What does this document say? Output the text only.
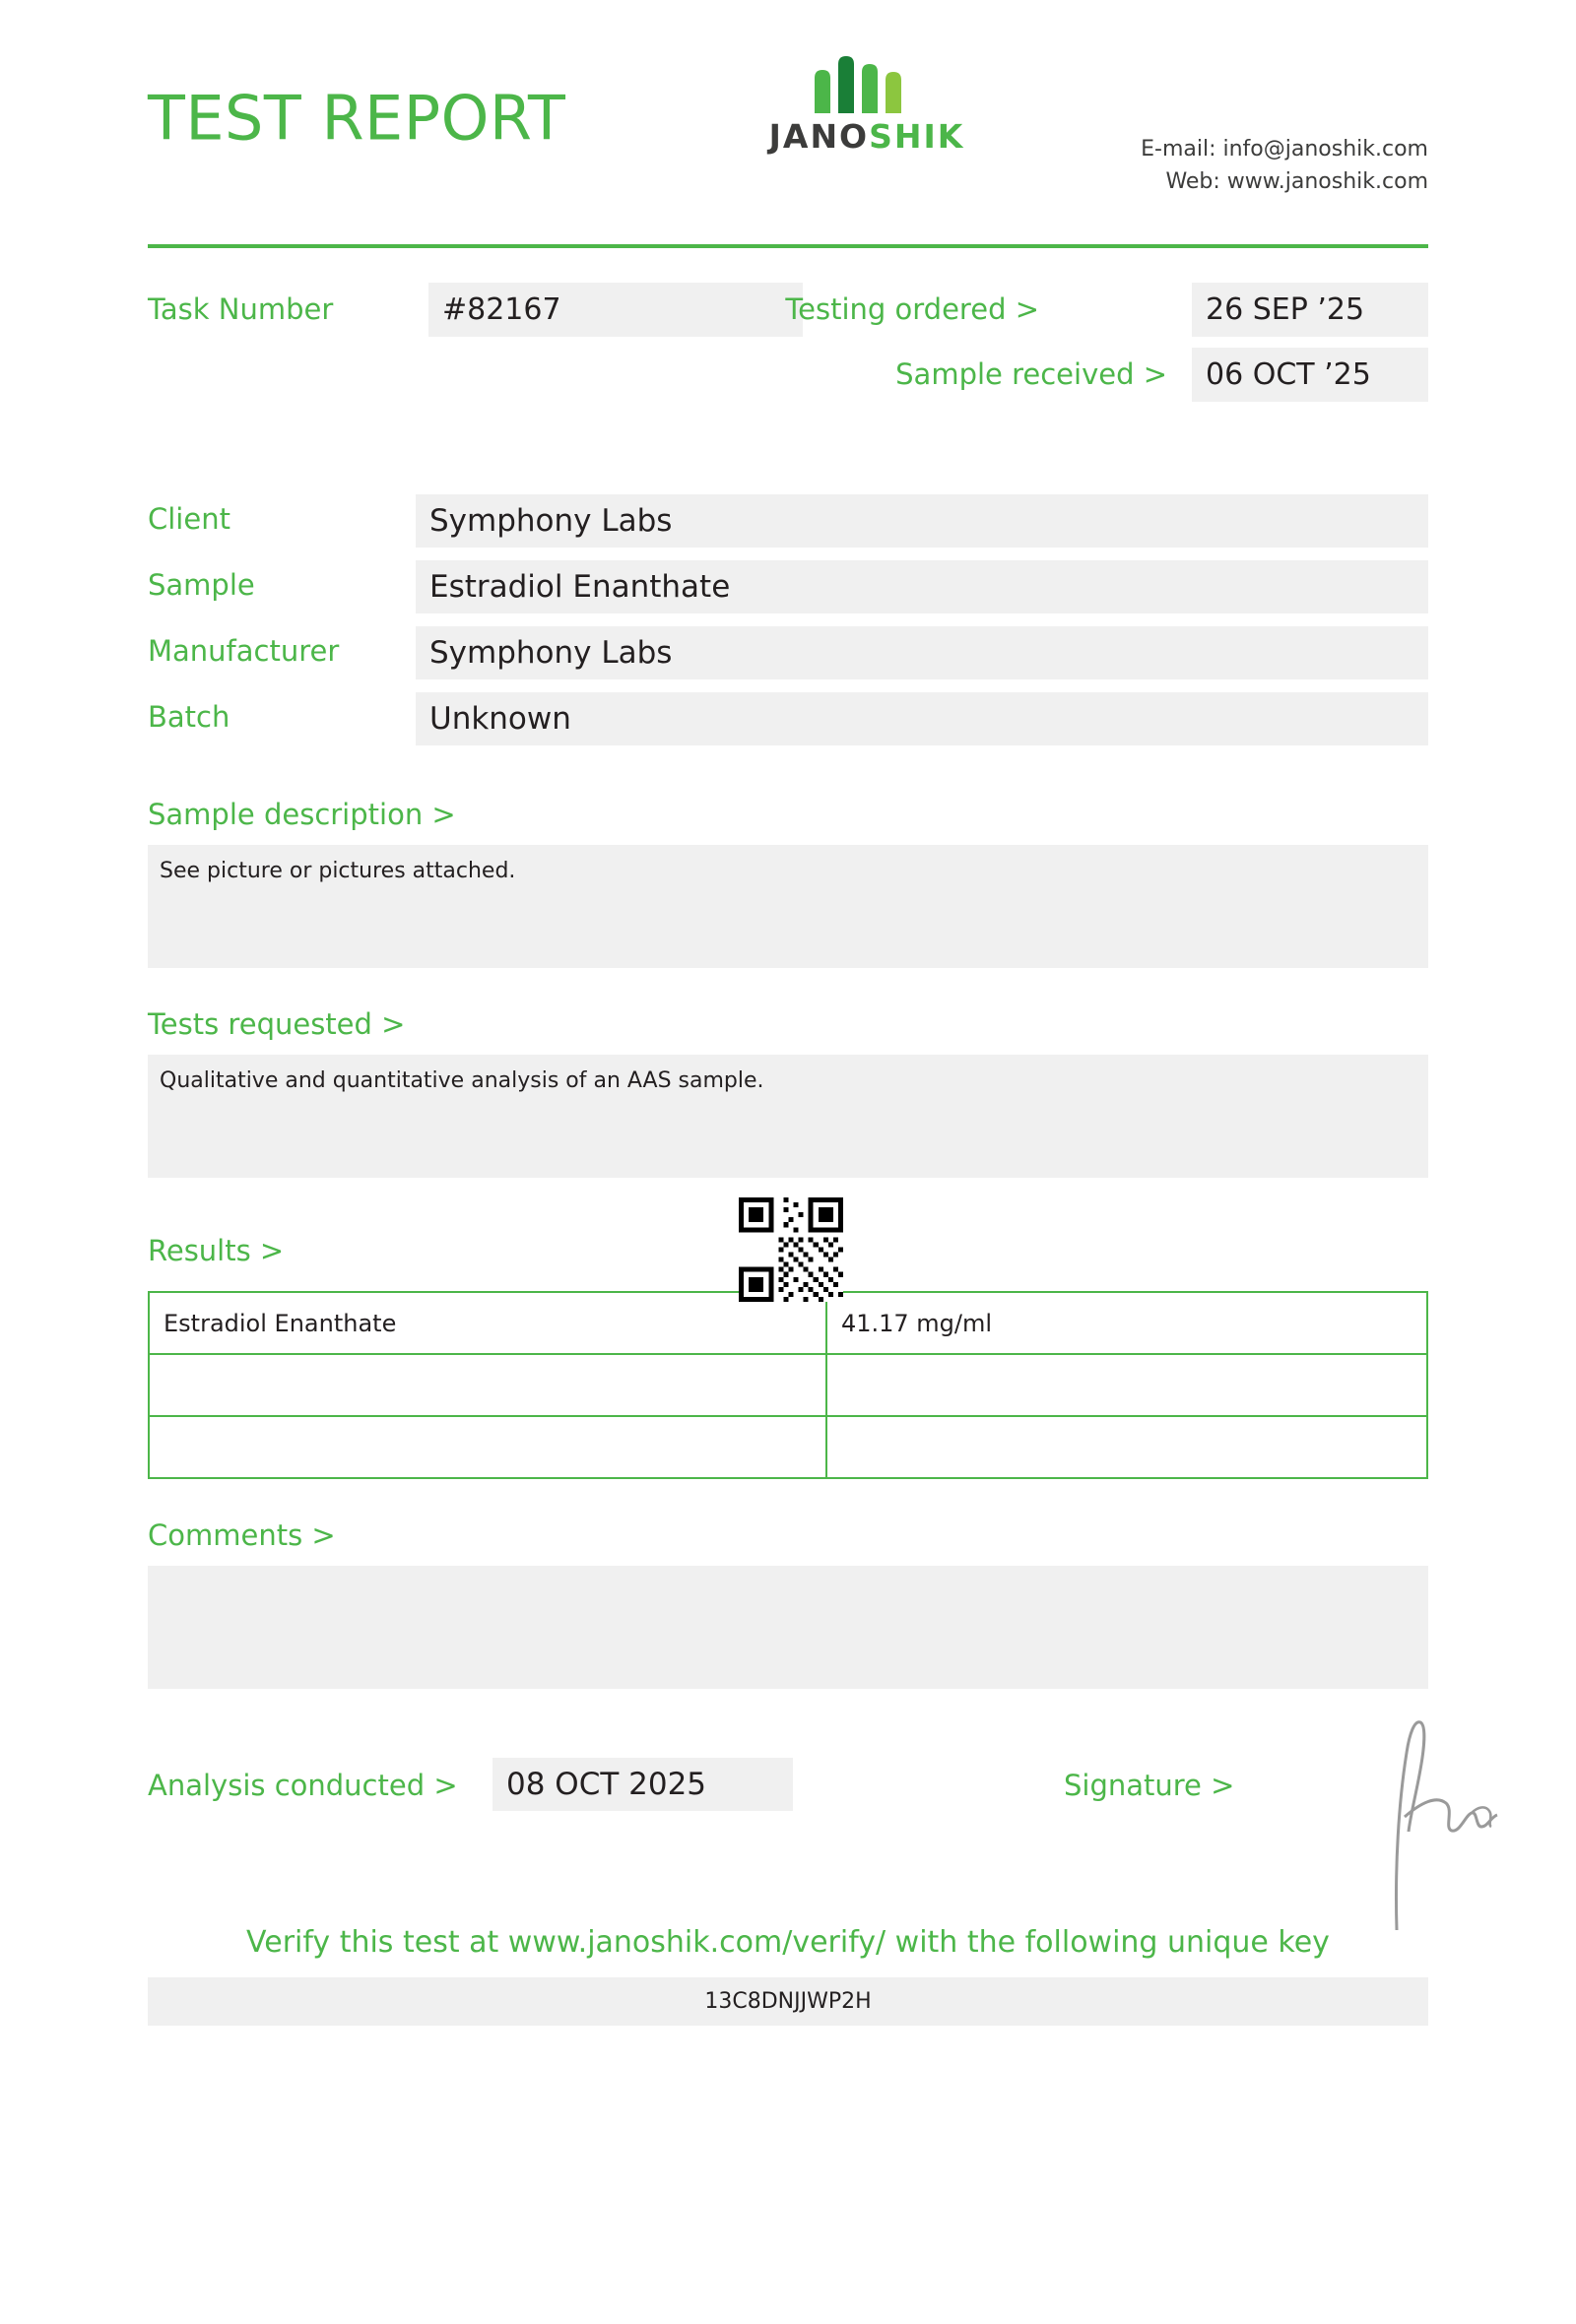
TEST REPORT	JANOSHIK	E-mail: info@janoshik.com
Web: www.janoshik.com
Task Number	#82167	Testing ordered >	26 SEP ’25
Sample received >	06 OCT ’25
Client	Symphony Labs
Sample	Estradiol Enanthate
Manufacturer	Symphony Labs
Batch	Unknown
Sample description >
See picture or pictures attached.
Tests requested >
Qualitative and quantitative analysis of an AAS sample.
Results >
Estradiol Enanthate	41.17 mg/ml

Comments >
Analysis conducted >	08 OCT 2025	Signature >
Verify this test at www.janoshik.com/verify/ with the following unique key
13C8DNJJWP2H
